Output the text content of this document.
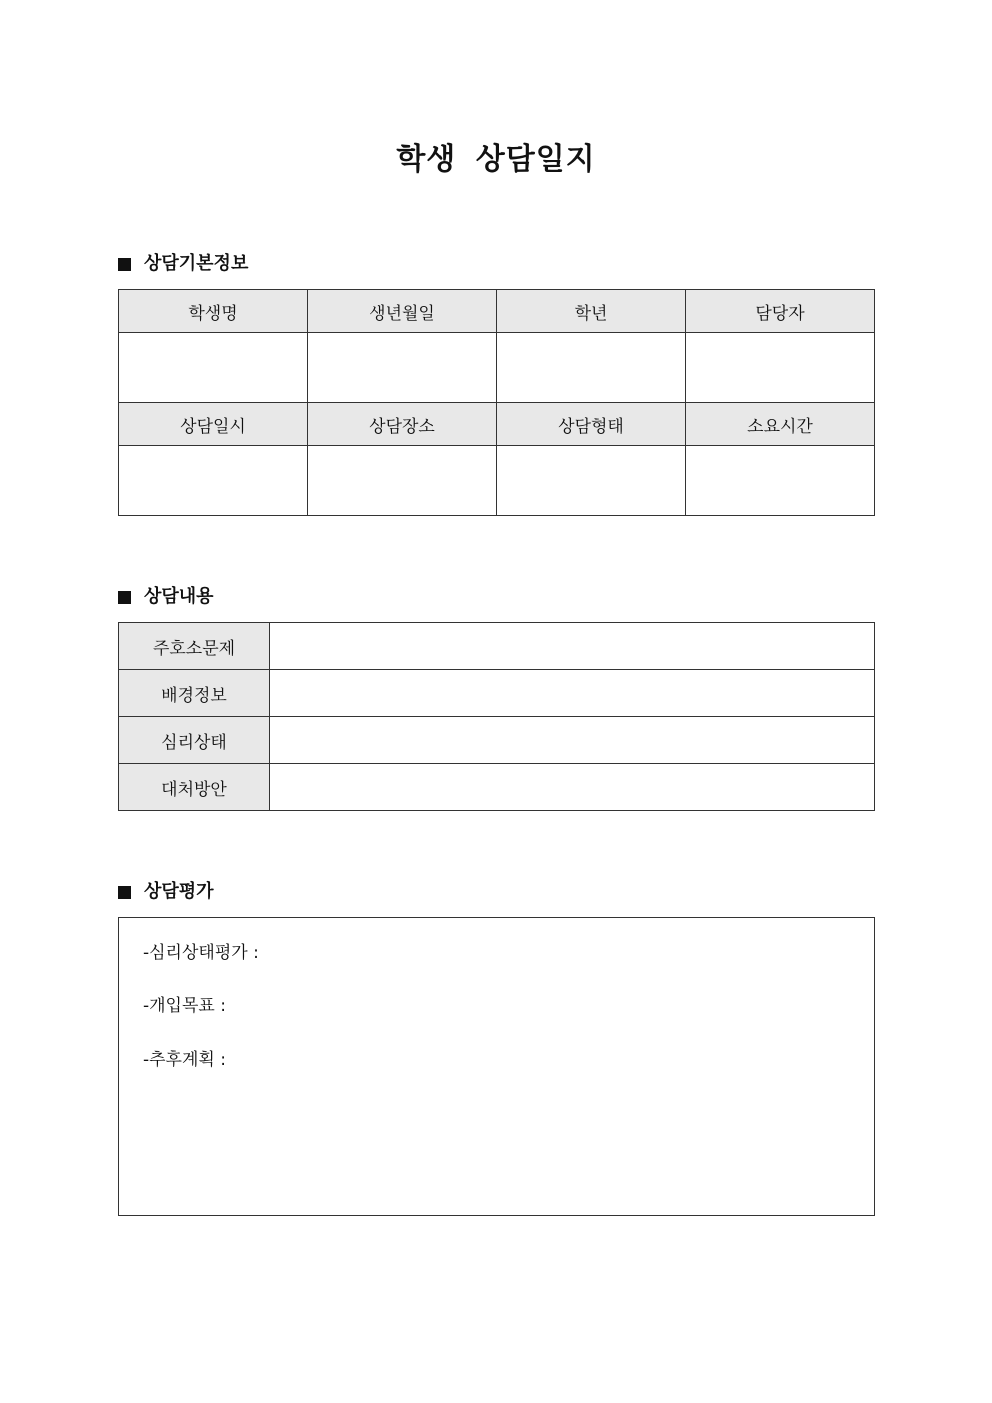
학생 상담일지
상담기본정보
학생명	생년월일	학년	담당자

상담일시	상담장소	상담형태	소요시간

상담내용
주호소문제	
배경정보	
심리상태	
대처방안	
상담평가
-심리상태평가 :
-개입목표 :
-추후계획 :
